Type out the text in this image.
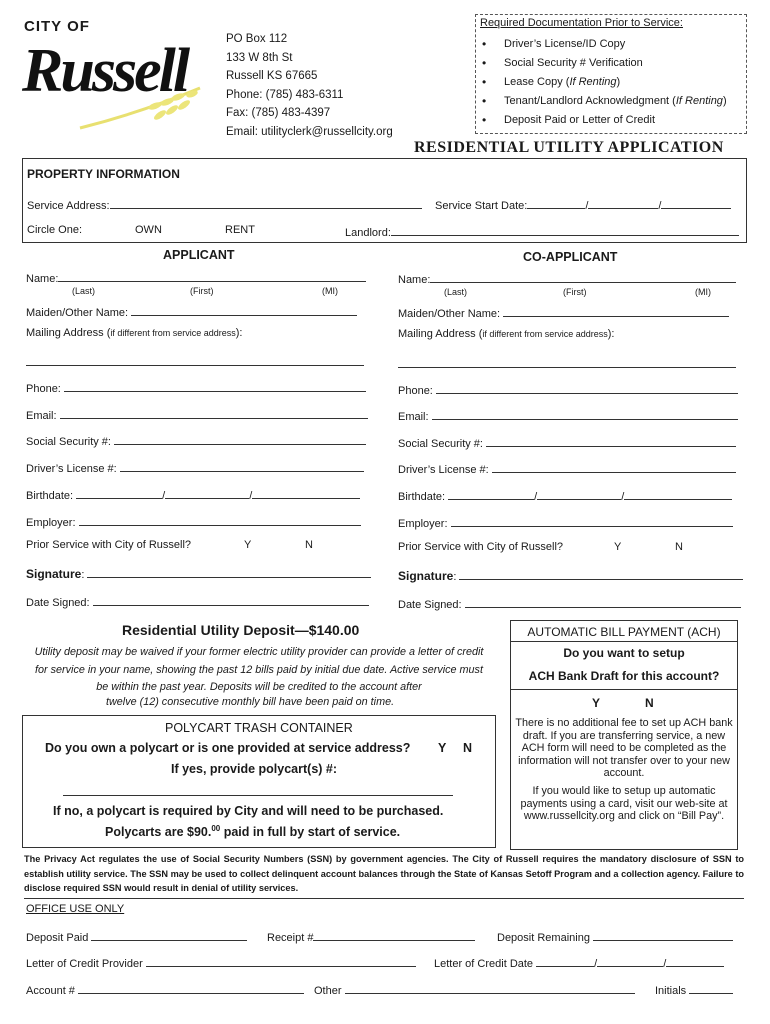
CITY OF
Russell	PO Box 112
133 W 8th St
Russell KS 67665
Phone: (785) 483-6311
Fax: (785) 483-4397
Email: utilityclerk@russellcity.org
Required Documentation Prior to Service:
• Driver’s License/ID Copy
• Social Security # Verification
• Lease Copy (If Renting)
• Tenant/Landlord Acknowledgment (If Renting)
• Deposit Paid or Letter of Credit
RESIDENTIAL UTILITY APPLICATION
PROPERTY INFORMATION
Service Address:	Service Start Date:	/	/
Circle One:	OWN	RENT	Landlord:
APPLICANT	CO-APPLICANT
Name:
(Last)	(First)	(MI)
Maiden/Other Name:
Mailing Address (if different from service address):
Phone:
Email:
Social Security #:
Driver’s License #:
Birthdate:	/	/
Employer:
Prior Service with City of Russell?	Y	N
Signature:
Date Signed:
Name:
(Last)	(First)	(MI)
Maiden/Other Name:
Mailing Address (if different from service address):
Phone:
Email:
Social Security #:
Driver’s License #:
Birthdate:	/	/
Employer:
Prior Service with City of Russell?	Y	N
Signature:
Date Signed:
Residential Utility Deposit—$140.00
Utility deposit may be waived if your former electric utility provider can provide a letter of credit for service in your name, showing the past 12 bills paid by initial due date. Active service must be within the past year. Deposits will be credited to the account after
twelve (12) consecutive monthly bill have been paid on time.
POLYCART TRASH CONTAINER
Do you own a polycart or is one provided at service address? Y N
If yes, provide polycart(s) #:
If no, a polycart is required by City and will need to be purchased.
Polycarts are $90.00 paid in full by start of service.
AUTOMATIC BILL PAYMENT (ACH)
Do you want to setup
ACH Bank Draft for this account?
Y	N
There is no additional fee to set up ACH bank draft. If you are transferring service, a new ACH form will need to be completed as the information will not transfer over to your new account.
If you would like to setup up automatic payments using a card, visit our web-site at www.russellcity.org and click on “Bill Pay”.
The Privacy Act regulates the use of Social Security Numbers (SSN) by government agencies. The City of Russell requires the mandatory disclosure of SSN to establish utility service. The SSN may be used to collect delinquent account balances through the State of Kansas Setoff Program and a collection agency. Failure to disclose required SSN would result in denial of utility services.
OFFICE USE ONLY
Deposit Paid	Receipt #	Deposit Remaining
Letter of Credit Provider	Letter of Credit Date	/	/
Account #	Other	Initials
